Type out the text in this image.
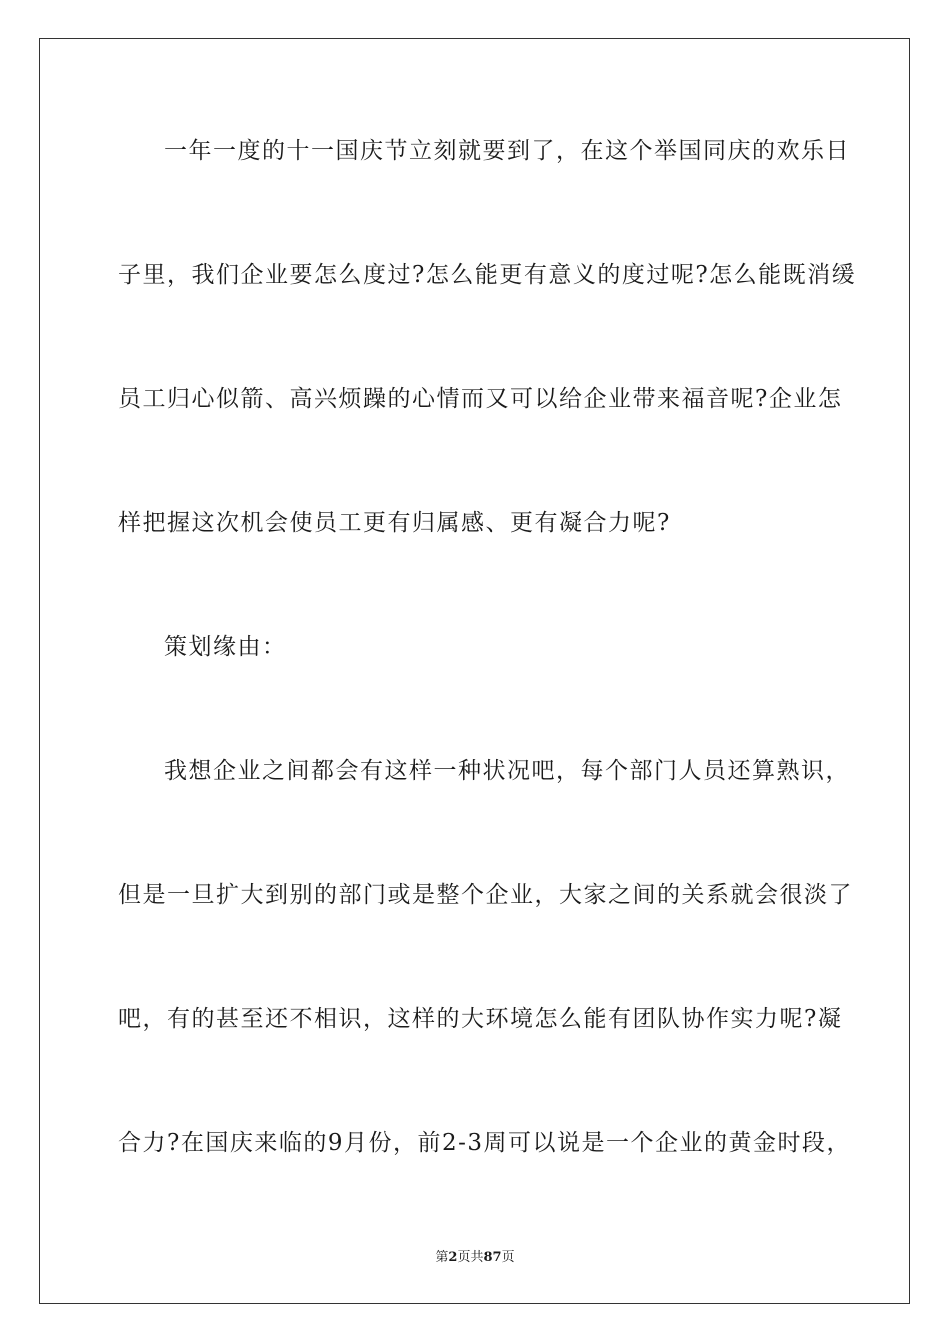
一年一度的十一国庆节立刻就要到了，在这个举国同庆的欢乐日
子里，我们企业要怎么度过?怎么能更有意义的度过呢?怎么能既消缓
员工归心似箭、高兴烦躁的心情而又可以给企业带来福音呢?企业怎
样把握这次机会使员工更有归属感、更有凝合力呢?
策划缘由：
我想企业之间都会有这样一种状况吧，每个部门人员还算熟识，
但是一旦扩大到别的部门或是整个企业，大家之间的关系就会很淡了
吧，有的甚至还不相识，这样的大环境怎么能有团队协作实力呢?凝
合力?在国庆来临的9月份，前2-3周可以说是一个企业的黄金时段，
第2页共87页
